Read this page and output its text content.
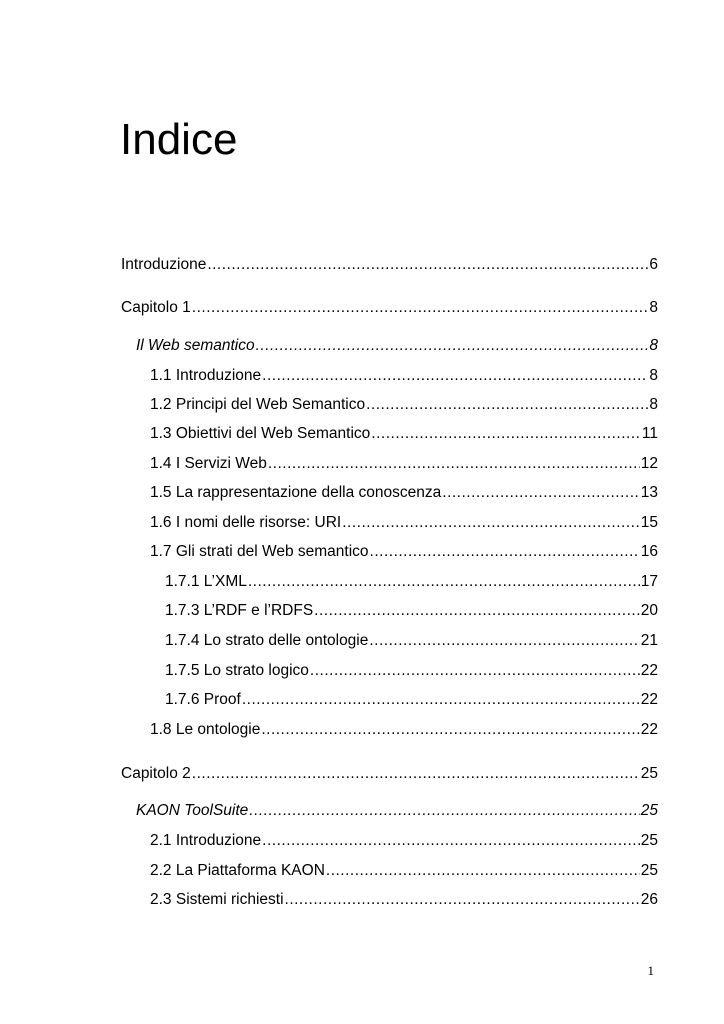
Indice
Introduzione .....	6
Capitolo 1 .....	8
Il Web semantico .....	8
1.1 Introduzione .....	8
1.2 Principi del Web Semantico .....	8
1.3 Obiettivi del Web Semantico .....	11
1.4 I Servizi Web .....	12
1.5 La rappresentazione della conoscenza .....	13
1.6 I nomi delle risorse: URI .....	15
1.7 Gli strati del Web semantico .....	16
1.7.1 L’XML .....	17
1.7.3 L’RDF e l’RDFS .....	20
1.7.4 Lo strato delle ontologie .....	21
1.7.5 Lo strato logico .....	22
1.7.6 Proof .....	22
1.8 Le ontologie .....	22
Capitolo 2 .....	25
KAON ToolSuite .....	25
2.1 Introduzione .....	25
2.2 La Piattaforma KAON .....	25
2.3 Sistemi richiesti .....	26
1
